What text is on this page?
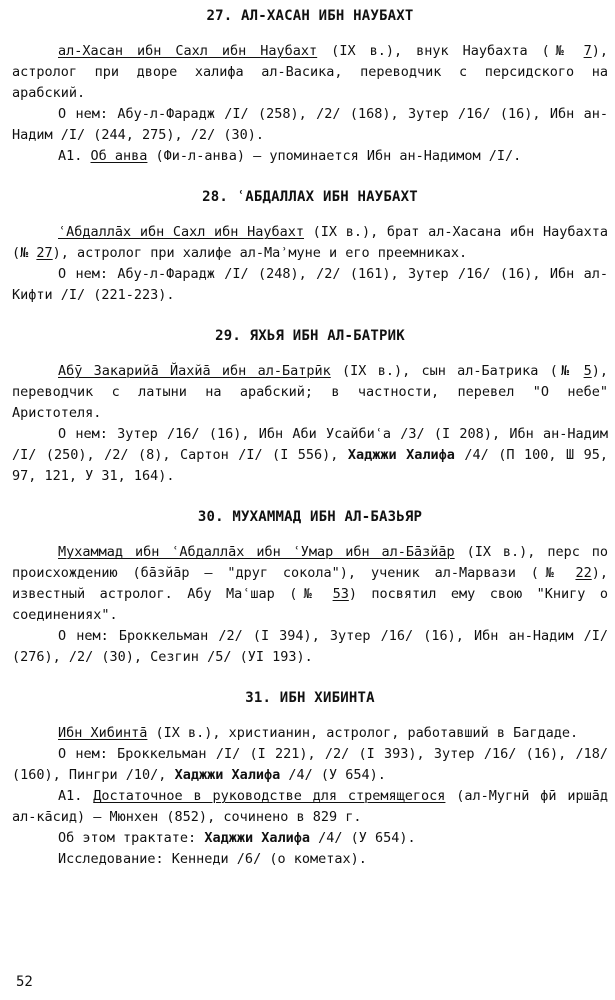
27. АЛ-ХАСАН ИБН НАУБАХТ

ал-Хасан ибн Сахл ибн Наубахт (IX в.), внук Наубахта (№ 7), астролог при дворе халифа ал-Васика, переводчик с персидского на арабский.

О нем: Абу-л-Фарадж /I/ (258), /2/ (168), Зутер /16/ (16), Ибн ан-Надим /I/ (244, 275), /2/ (30).

А1. Об анва (Фи-л-анва) – упоминается Ибн ан-Надимом /I/.

28. ʿАБДАЛЛАХ ИБН НАУБАХТ

ʿАбдаллāх ибн Сахл ибн Наубахт (IX в.), брат ал-Хасана ибн Наубахта (№ 27), астролог при халифе ал-Маʾмуне и его преемниках.

О нем: Абу-л-Фарадж /I/ (248), /2/ (161), Зутер /16/ (16), Ибн ал-Кифти /I/ (221-223).

29. ЯХЬЯ ИБН АЛ-БАТРИК

Абӯ Закарийā Йахйā ибн ал-Батрӣк (IX в.), сын ал-Батрика (№ 5), переводчик с латыни на арабский; в частности, перевел "О небе" Аристотеля.

О нем: Зутер /16/ (16), Ибн Аби Усайбиʿа /3/ (I 208), Ибн ан-Надим /I/ (250), /2/ (8), Сартон /I/ (I 556), Хаджжи Халифа /4/ (П 100, Ш 95, 97, 121, У 31, 164).

30. МУХАММАД ИБН АЛ-БАЗЬЯР

Мухаммад ибн ʿАбдаллāх ибн ʿУмар ибн ал-Бāзйāр (IX в.), перс по происхождению (бāзйāр – "друг сокола"), ученик ал-Марвази (№ 22), известный астролог. Абу Маʿшар (№ 53) посвятил ему свою "Книгу о соединениях".

О нем: Броккельман /2/ (I 394), Зутер /16/ (16), Ибн ан-Надим /I/ (276), /2/ (30), Сезгин /5/ (УI 193).

31. ИБН ХИБИНТА

Ибн Хибинтā (IX в.), христианин, астролог, работавший в Багдаде.

О нем: Броккельман /I/ (I 221), /2/ (I 393), Зутер /16/ (16), /18/ (160), Пингри /10/, Хаджжи Халифа /4/ (У 654).

А1. Достаточное в руководстве для стремящегося (ал-Мугнӣ фӣ иршāд ал-кāсид) – Мюнхен (852), сочинено в 829 г.

Об этом трактате: Хаджжи Халифа /4/ (У 654).

Исследование: Кеннеди /6/ (о кометах).

52
